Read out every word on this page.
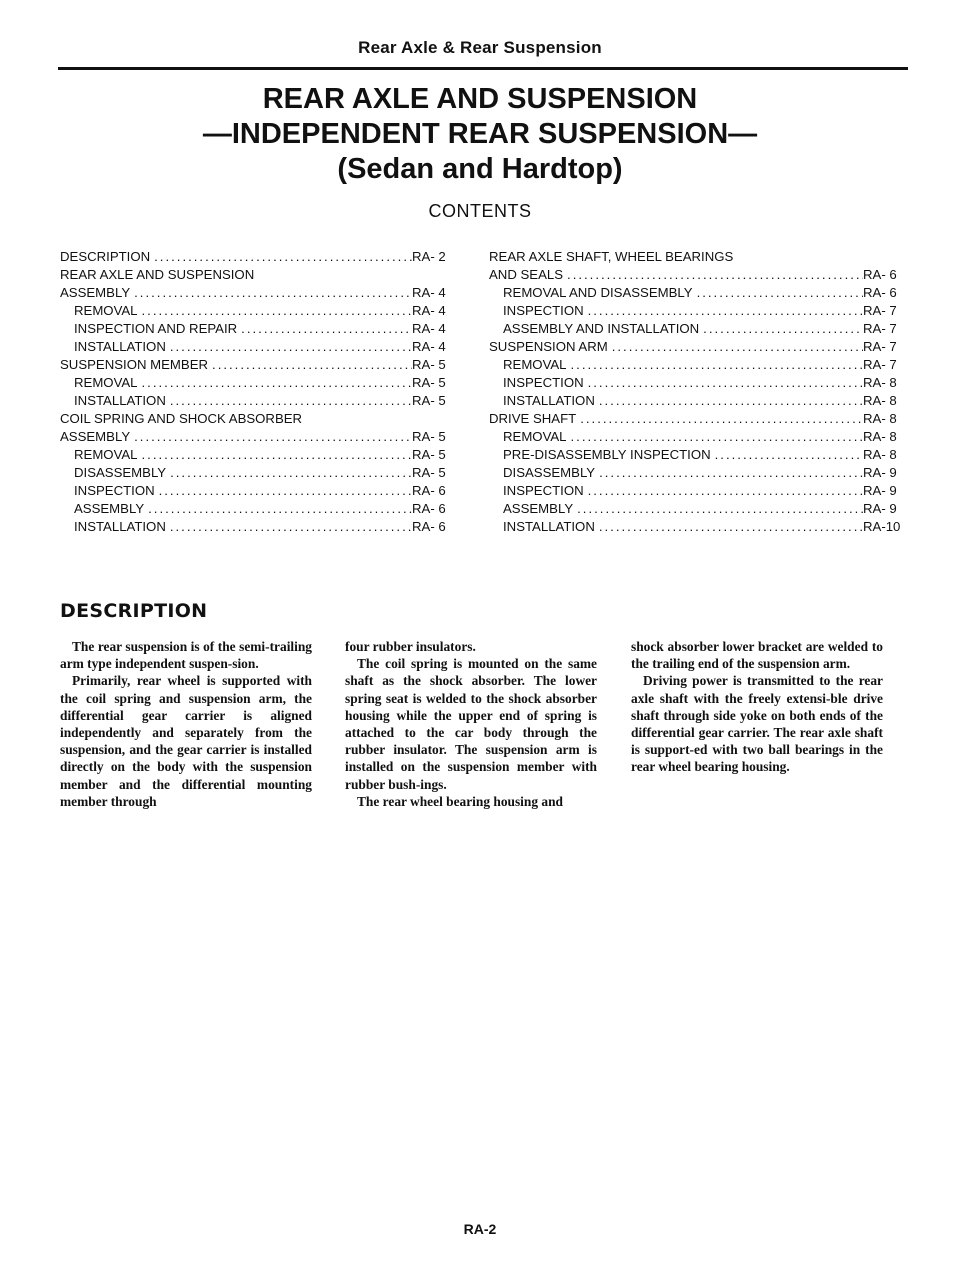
Rear Axle & Rear Suspension
REAR AXLE AND SUSPENSION
—INDEPENDENT REAR SUSPENSION—
(Sedan and Hardtop)
CONTENTS
DESCRIPTION .....	RA- 2
REAR AXLE AND SUSPENSION
ASSEMBLY .....	RA- 4
REMOVAL .....	RA- 4
INSPECTION AND REPAIR .....	RA- 4
INSTALLATION .....	RA- 4
SUSPENSION MEMBER .....	RA- 5
REMOVAL .....	RA- 5
INSTALLATION .....	RA- 5
COIL SPRING AND SHOCK ABSORBER
ASSEMBLY .....	RA- 5
REMOVAL .....	RA- 5
DISASSEMBLY .....	RA- 5
INSPECTION .....	RA- 6
ASSEMBLY .....	RA- 6
INSTALLATION .....	RA- 6
REAR AXLE SHAFT, WHEEL BEARINGS
AND SEALS .....	RA- 6
REMOVAL AND DISASSEMBLY .....	RA- 6
INSPECTION .....	RA- 7
ASSEMBLY AND INSTALLATION .....	RA- 7
SUSPENSION ARM .....	RA- 7
REMOVAL .....	RA- 7
INSPECTION .....	RA- 8
INSTALLATION .....	RA- 8
DRIVE SHAFT .....	RA- 8
REMOVAL .....	RA- 8
PRE-DISASSEMBLY INSPECTION .....	RA- 8
DISASSEMBLY .....	RA- 9
INSPECTION .....	RA- 9
ASSEMBLY .....	RA- 9
INSTALLATION .....	RA-10
DESCRIPTION

The rear suspension is of the semi-trailing arm type independent suspen-sion.

Primarily, rear wheel is supported with the coil spring and suspension arm, the differential gear carrier is aligned independently and separately from the suspension, and the gear carrier is installed directly on the body with the suspension member and the differential mounting member through

four rubber insulators.

The coil spring is mounted on the same shaft as the shock absorber. The lower spring seat is welded to the shock absorber housing while the upper end of spring is attached to the car body through the rubber insulator. The suspension arm is installed on the suspension member with rubber bush-ings.

The rear wheel bearing housing and

shock absorber lower bracket are welded to the trailing end of the suspension arm.

Driving power is transmitted to the rear axle shaft with the freely extensi-ble drive shaft through side yoke on both ends of the differential gear carrier. The rear axle shaft is support-ed with two ball bearings in the rear wheel bearing housing.

RA-2
